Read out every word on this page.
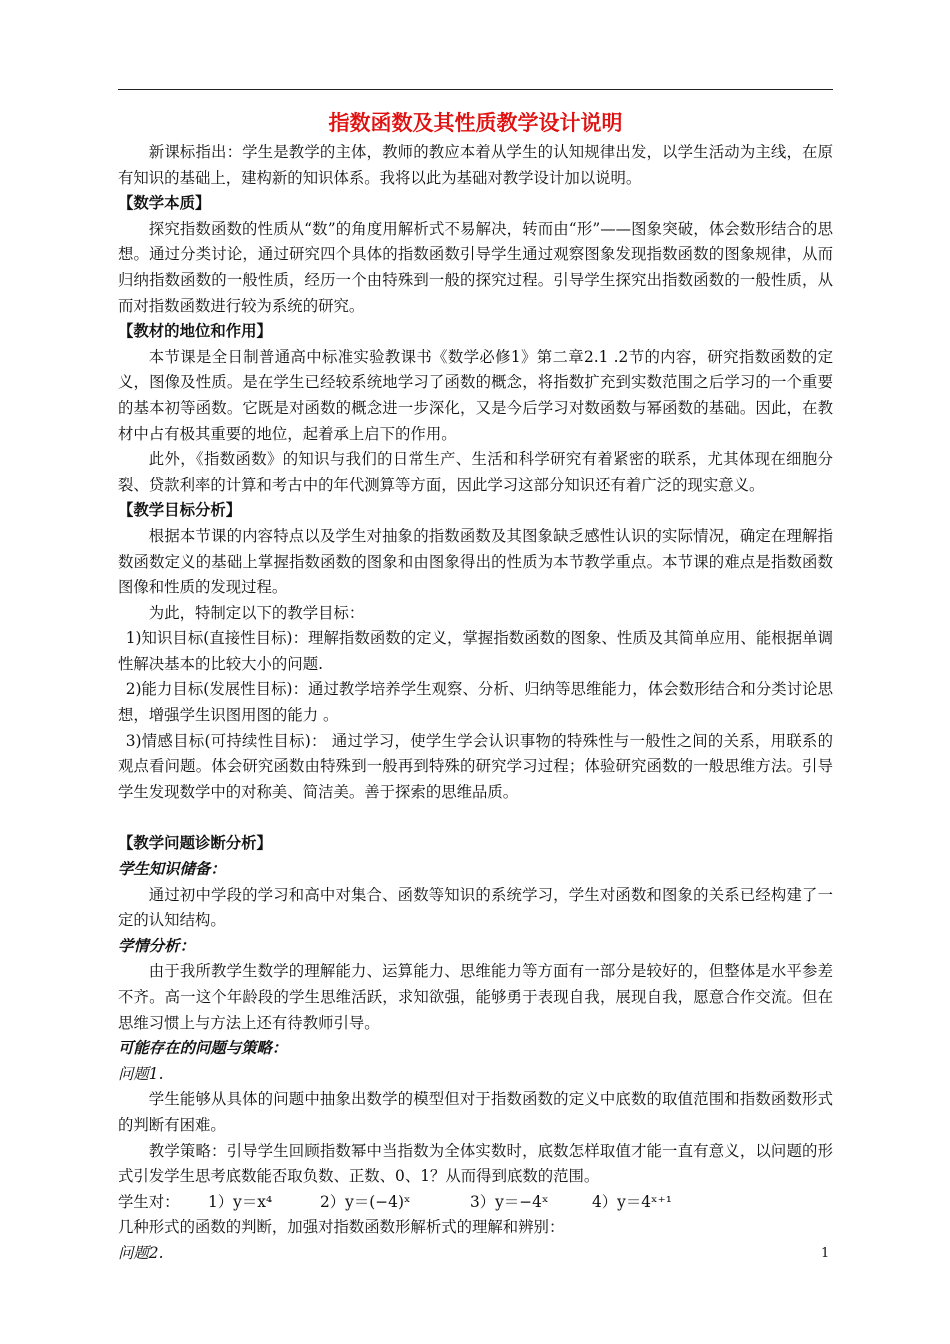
指数函数及其性质教学设计说明

新课标指出：学生是教学的主体，教师的教应本着从学生的认知规律出发，以学生活动为主线，在原有知识的基础上，建构新的知识体系。我将以此为基础对教学设计加以说明。

【数学本质】

探究指数函数的性质从“数”的角度用解析式不易解决，转而由“形”——图象突破，体会数形结合的思想。通过分类讨论，通过研究四个具体的指数函数引导学生通过观察图象发现指数函数的图象规律，从而归纳指数函数的一般性质，经历一个由特殊到一般的探究过程。引导学生探究出指数函数的一般性质，从而对指数函数进行较为系统的研究。

【教材的地位和作用】

本节课是全日制普通高中标准实验教课书《数学必修1》第二章2.1 .2节的内容，研究指数函数的定义，图像及性质。是在学生已经较系统地学习了函数的概念，将指数扩充到实数范围之后学习的一个重要的基本初等函数。它既是对函数的概念进一步深化，又是今后学习对数函数与幂函数的基础。因此，在教材中占有极其重要的地位，起着承上启下的作用。

此外，《指数函数》的知识与我们的日常生产、生活和科学研究有着紧密的联系，尤其体现在细胞分裂、贷款利率的计算和考古中的年代测算等方面，因此学习这部分知识还有着广泛的现实意义。

【教学目标分析】

根据本节课的内容特点以及学生对抽象的指数函数及其图象缺乏感性认识的实际情况，确定在理解指数函数定义的基础上掌握指数函数的图象和由图象得出的性质为本节教学重点。本节课的难点是指数函数图像和性质的发现过程。

为此，特制定以下的教学目标：

1)知识目标(直接性目标)：理解指数函数的定义，掌握指数函数的图象、性质及其简单应用、能根据单调性解决基本的比较大小的问题.

2)能力目标(发展性目标)：通过教学培养学生观察、分析、归纳等思维能力，体会数形结合和分类讨论思想，增强学生识图用图的能力 。

3)情感目标(可持续性目标)： 通过学习，使学生学会认识事物的特殊性与一般性之间的关系，用联系的观点看问题。体会研究函数由特殊到一般再到特殊的研究学习过程；体验研究函数的一般思维方法。引导学生发现数学中的对称美、简洁美。善于探索的思维品质。

【教学问题诊断分析】

学生知识储备：

通过初中学段的学习和高中对集合、函数等知识的系统学习，学生对函数和图象的关系已经构建了一定的认知结构。

学情分析：

由于我所教学生数学的理解能力、运算能力、思维能力等方面有一部分是较好的，但整体是水平参差不齐。高一这个年龄段的学生思维活跃，求知欲强，能够勇于表现自我，展现自我，愿意合作交流。但在思维习惯上与方法上还有待教师引导。

可能存在的问题与策略：

问题1.

学生能够从具体的问题中抽象出数学的模型但对于指数函数的定义中底数的取值范围和指数函数形式的判断有困难。

教学策略：引导学生回顾指数幂中当指数为全体实数时，底数怎样取值才能一直有意义，以问题的形式引发学生思考底数能否取负数、正数、0、1？从而得到底数的范围。

学生对： 1）y＝x⁴	2）y＝(−4)ˣ	3）y＝−4ˣ	4）y＝4ˣ⁺¹

几种形式的函数的判断，加强对指数函数形解析式的理解和辨别：

问题2.	1
